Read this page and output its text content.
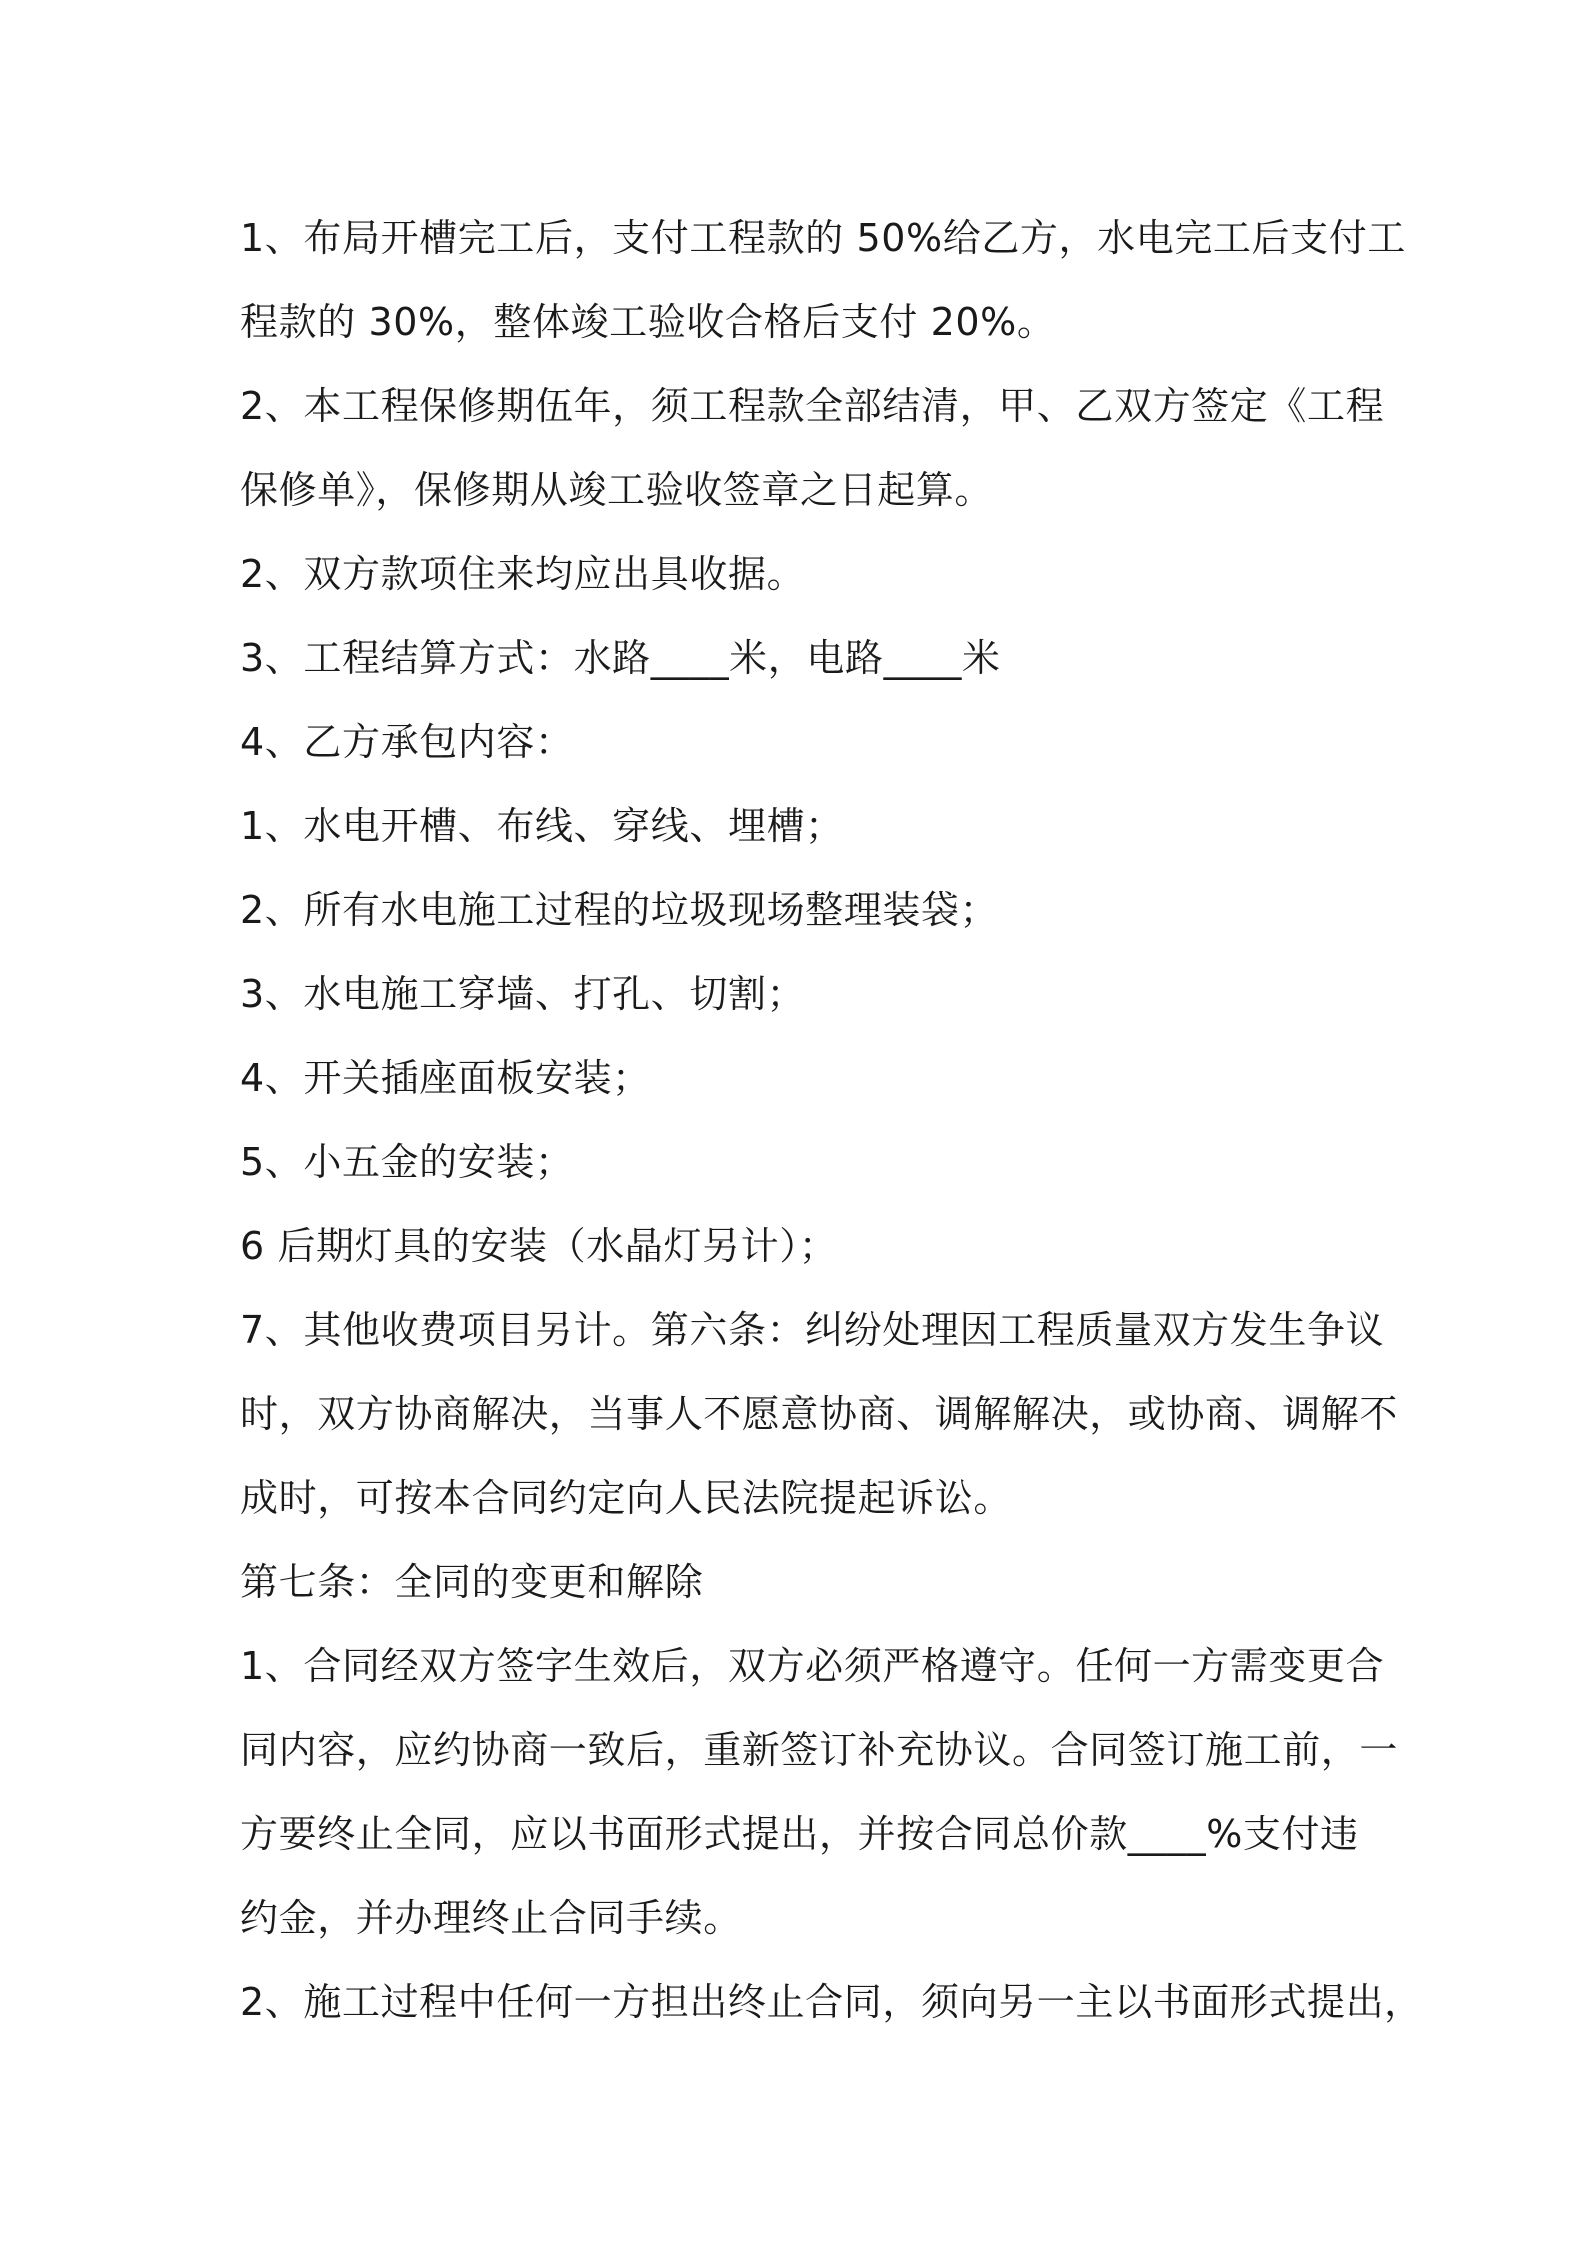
1、布局开槽完工后，支付工程款的 50%给乙方，水电完工后支付工
程款的 30%，整体竣工验收合格后支付 20%。
2、本工程保修期伍年，须工程款全部结清，甲、乙双方签定《工程
保修单》，保修期从竣工验收签章之日起算。
2、双方款项住来均应出具收据。
3、工程结算方式：水路____米，电路____米
4、乙方承包内容：
1、水电开槽、布线、穿线、埋槽；
2、所有水电施工过程的垃圾现场整理装袋；
3、水电施工穿墙、打孔、切割；
4、开关插座面板安装；
5、小五金的安装；
6 后期灯具的安装（水晶灯另计）；
7、其他收费项目另计。第六条：纠纷处理因工程质量双方发生争议
时，双方协商解决，当事人不愿意协商、调解解决，或协商、调解不
成时，可按本合同约定向人民法院提起诉讼。
第七条：全同的变更和解除
1、合同经双方签字生效后，双方必须严格遵守。任何一方需变更合
同内容，应约协商一致后，重新签订补充协议。合同签订施工前，一
方要终止全同，应以书面形式提出，并按合同总价款____%支付违
约金，并办理终止合同手续。
2、施工过程中任何一方担出终止合同，须向另一主以书面形式提出，
